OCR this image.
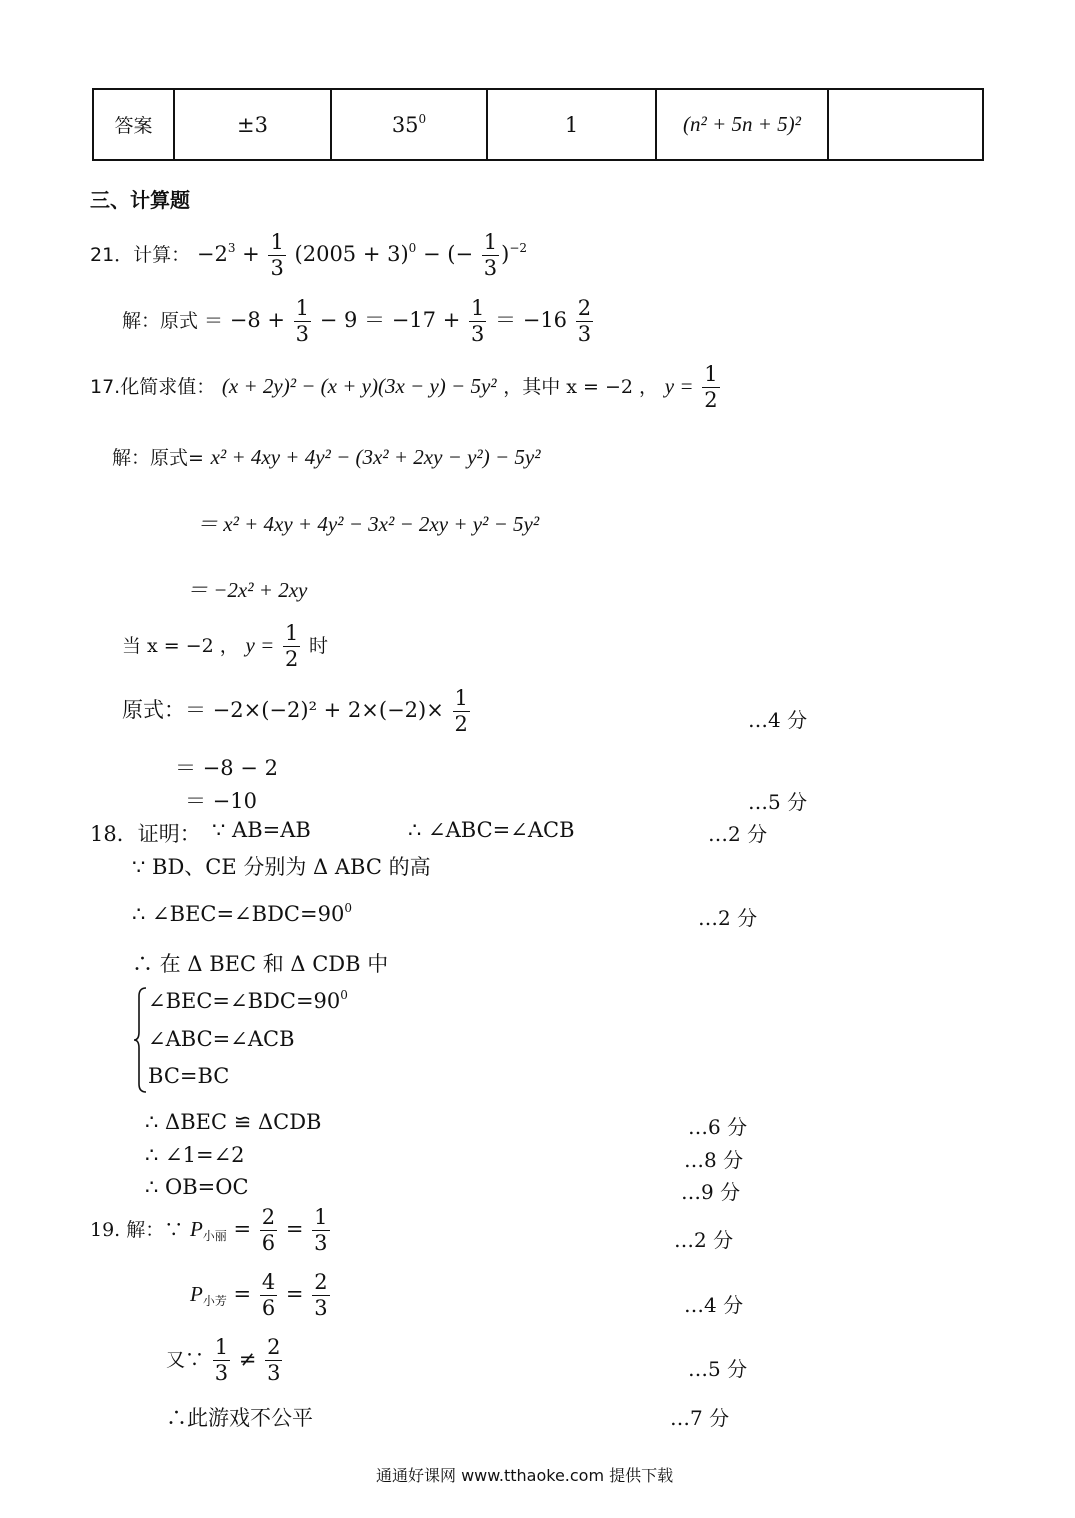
答案	±3	$35^0$	1	(n² + 5n + 5)²	
三、计算题
21．计算： $-2^3 + \frac{1}{3} (2005 + 3)^0$ − (− $\frac{1}{3} )^{-2}$
解：原式 ＝ $-8 + \frac{1}{3} - 9 = -17 + \frac{1}{3} = -16 \frac{2}{3}$
17.化简求值： (x + 2y)² − (x + y)(3x − y) − 5y² ，其中 x = −2 ， $y = \frac{1}{2}$
解：原式= x² + 4xy + 4y² − (3x² + 2xy − y²) − 5y²
＝ x² + 4xy + 4y² − 3x² − 2xy + y² − 5y²
＝ −2x² + 2xy
当 x = −2 ， $y = \frac{1}{2}$ 时
原式：＝ $-2\times(-2)^2 + 2\times(-2)\times \frac{1}{2}$	…4 分
＝ −8 − 2
＝ −10	…5 分
18．证明： ∵ AB=AB	∴ ∠ABC=∠ACB	…2 分
∵ BD、CE 分别为 Δ ABC 的高
∴ $\angle BEC=\angle BDC=90^0$	…2 分
∴ 在 Δ BEC 和 Δ CDB 中
$\angle BEC=\angle BDC=90^0$
∠ABC=∠ACB
BC=BC
∴ ΔBEC ≌ ΔCDB	…6 分
∴ ∠1=∠2	…8 分
∴ OB=OC	…9 分
19. 解：∵ $P_{小丽} = \frac{2}{6} = \frac{1}{3}$	…2 分
$P_{小芳} = \frac{4}{6} = \frac{2}{3}$	…4 分
又∵ $\frac{1}{3} \ne \frac{2}{3}$	…5 分
∴此游戏不公平	…7 分
通通好课网 www.tthaoke.com 提供下载
